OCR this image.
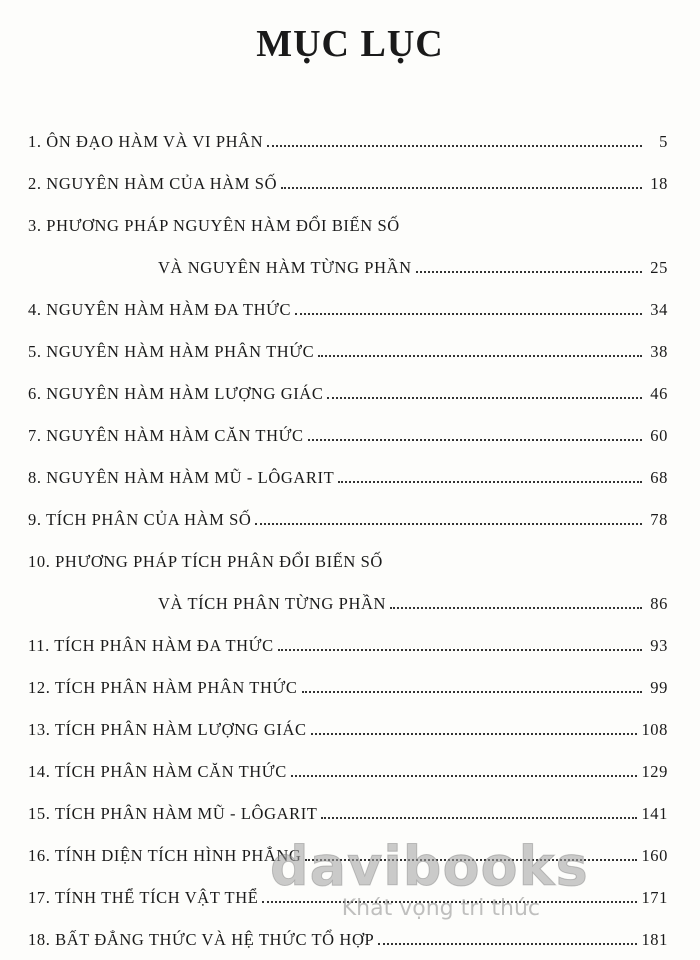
MỤC LỤC
1. ÔN ĐẠO HÀM VÀ VI PHÂN	5
2. NGUYÊN HÀM CỦA HÀM SỐ	18
3. PHƯƠNG PHÁP NGUYÊN HÀM ĐỔI BIẾN SỐ
VÀ NGUYÊN HÀM TỪNG PHẦN	25
4. NGUYÊN HÀM HÀM ĐA THỨC	34
5. NGUYÊN HÀM HÀM PHÂN THỨC	38
6. NGUYÊN HÀM HÀM LƯỢNG GIÁC	46
7. NGUYÊN HÀM HÀM CĂN THỨC	60
8. NGUYÊN HÀM HÀM MŨ - LÔGARIT	68
9. TÍCH PHÂN CỦA HÀM SỐ	78
10. PHƯƠNG PHÁP TÍCH PHÂN ĐỔI BIẾN SỐ
VÀ TÍCH PHÂN TỪNG PHẦN	86
11. TÍCH PHÂN HÀM ĐA THỨC	93
12. TÍCH PHÂN HÀM PHÂN THỨC	99
13. TÍCH PHÂN HÀM LƯỢNG GIÁC	108
14. TÍCH PHÂN HÀM CĂN THỨC	129
15. TÍCH PHÂN HÀM MŨ - LÔGARIT	141
16. TÍNH DIỆN TÍCH HÌNH PHẲNG	160
17. TÍNH THỂ TÍCH VẬT THỂ	171
18. BẤT ĐẲNG THỨC VÀ HỆ THỨC TỔ HỢP	181
davibooks
Khát vọng tri thức
